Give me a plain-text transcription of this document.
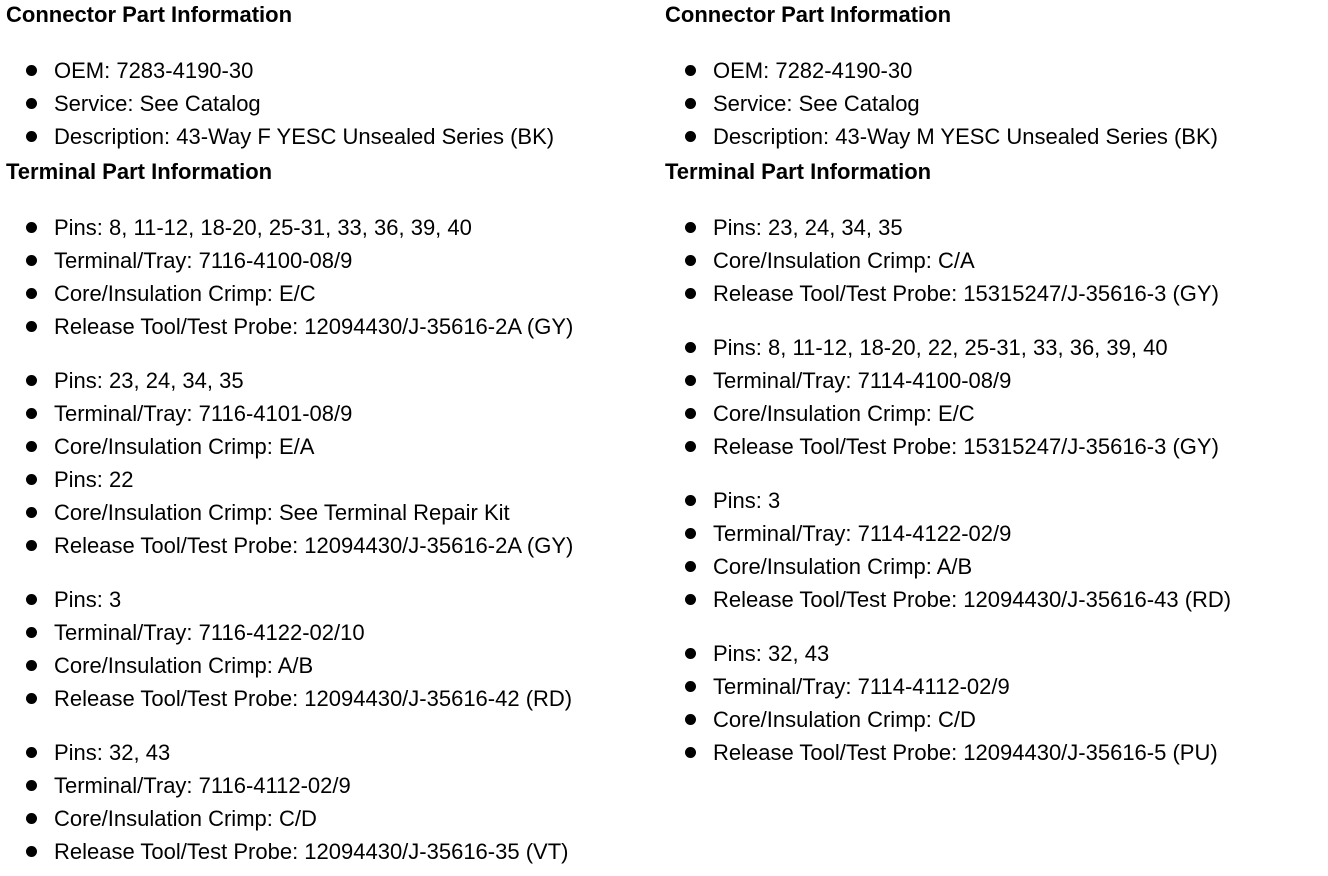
Connector Part Information
OEM: 7283-4190-30
Service: See Catalog
Description: 43-Way F YESC Unsealed Series (BK)
Terminal Part Information
Pins: 8, 11-12, 18-20, 25-31, 33, 36, 39, 40
Terminal/Tray: 7116-4100-08/9
Core/Insulation Crimp: E/C
Release Tool/Test Probe: 12094430/J-35616-2A (GY)
Pins: 23, 24, 34, 35
Terminal/Tray: 7116-4101-08/9
Core/Insulation Crimp: E/A
Pins: 22
Core/Insulation Crimp: See Terminal Repair Kit
Release Tool/Test Probe: 12094430/J-35616-2A (GY)
Pins: 3
Terminal/Tray: 7116-4122-02/10
Core/Insulation Crimp: A/B
Release Tool/Test Probe: 12094430/J-35616-42 (RD)
Pins: 32, 43
Terminal/Tray: 7116-4112-02/9
Core/Insulation Crimp: C/D
Release Tool/Test Probe: 12094430/J-35616-35 (VT)
Connector Part Information
OEM: 7282-4190-30
Service: See Catalog
Description: 43-Way M YESC Unsealed Series (BK)
Terminal Part Information
Pins: 23, 24, 34, 35
Core/Insulation Crimp: C/A
Release Tool/Test Probe: 15315247/J-35616-3 (GY)
Pins: 8, 11-12, 18-20, 22, 25-31, 33, 36, 39, 40
Terminal/Tray: 7114-4100-08/9
Core/Insulation Crimp: E/C
Release Tool/Test Probe: 15315247/J-35616-3 (GY)
Pins: 3
Terminal/Tray: 7114-4122-02/9
Core/Insulation Crimp: A/B
Release Tool/Test Probe: 12094430/J-35616-43 (RD)
Pins: 32, 43
Terminal/Tray: 7114-4112-02/9
Core/Insulation Crimp: C/D
Release Tool/Test Probe: 12094430/J-35616-5 (PU)
